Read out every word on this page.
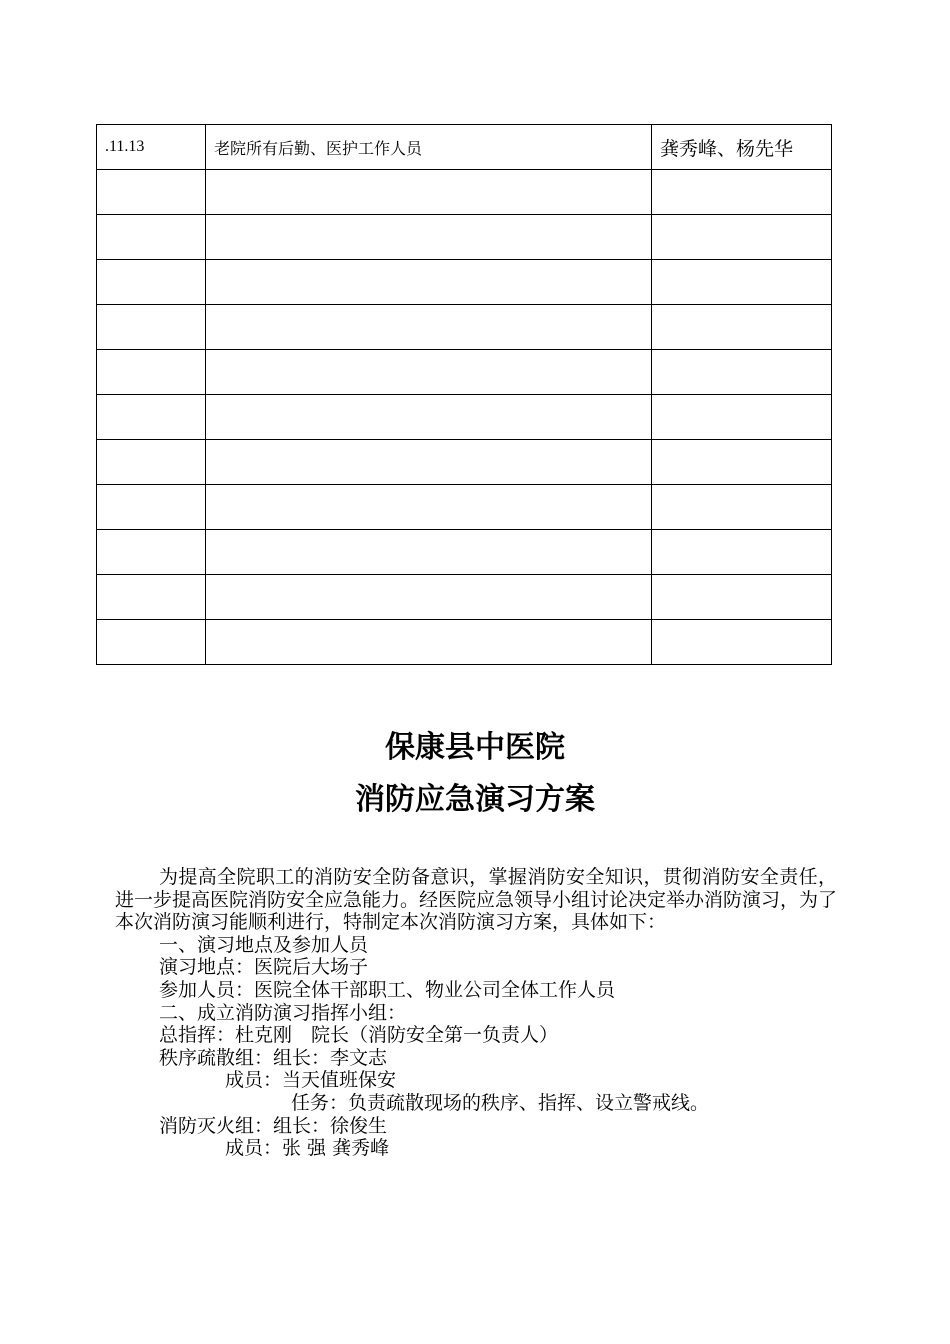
.11.13	老院所有后勤、医护工作人员	龚秀峰、杨先华

保康县中医院
消防应急演习方案

为提高全院职工的消防安全防备意识，掌握消防安全知识，贯彻消防安全责任，进一步提高医院消防安全应急能力。经医院应急领导小组讨论决定举办消防演习，为了本次消防演习能顺利进行，特制定本次消防演习方案，具体如下：

一、演习地点及参加人员

演习地点：医院后大场子

参加人员：医院全体干部职工、物业公司全体工作人员

二、成立消防演习指挥小组：

总指挥：杜克刚　院长（消防安全第一负责人）

秩序疏散组：组长：李文志

成员：当天值班保安

任务：负责疏散现场的秩序、指挥、设立警戒线。

消防灭火组：组长：徐俊生

成员：张 强 龚秀峰
